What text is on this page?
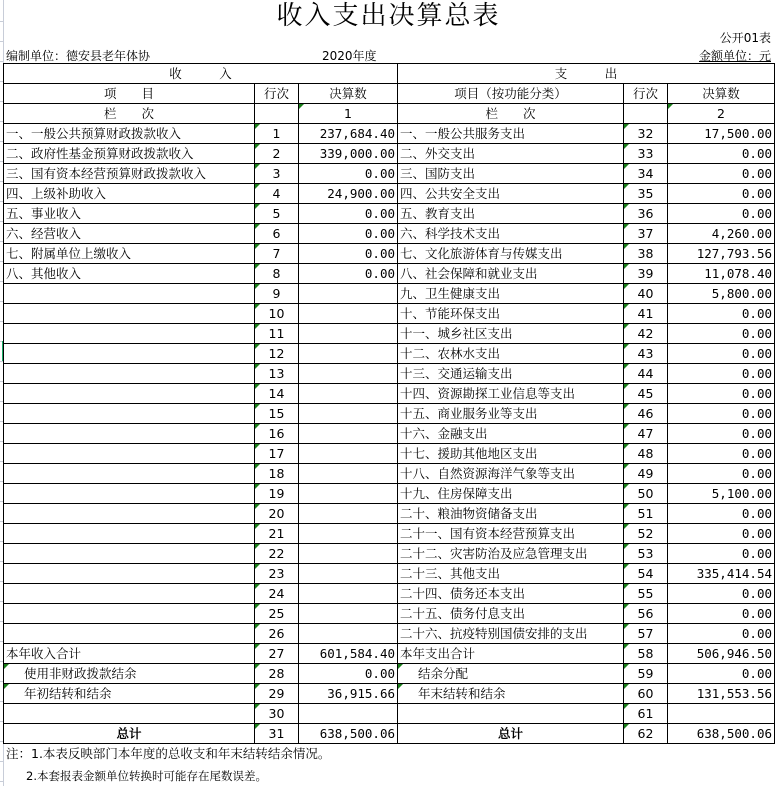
收入支出决算总表
公开01表
金额单位：元
编制单位：德安县老年体协	2020年度
收　　　入			支　　　出		
项　　目	行次	决算数	项目（按功能分类）	行次	决算数
栏　　次		1	栏　　次		2
一、一般公共预算财政拨款收入	1	237,684.40	一、一般公共服务支出	32	17,500.00
二、政府性基金预算财政拨款收入	2	339,000.00	二、外交支出	33	0.00
三、国有资本经营预算财政拨款收入	3	0.00	三、国防支出	34	0.00
四、上级补助收入	4	24,900.00	四、公共安全支出	35	0.00
五、事业收入	5	0.00	五、教育支出	36	0.00
六、经营收入	6	0.00	六、科学技术支出	37	4,260.00
七、附属单位上缴收入	7	0.00	七、文化旅游体育与传媒支出	38	127,793.56
八、其他收入	8	0.00	八、社会保障和就业支出	39	11,078.40
	9		九、卫生健康支出	40	5,800.00
	10		十、节能环保支出	41	0.00
	11		十一、城乡社区支出	42	0.00
	12		十二、农林水支出	43	0.00
	13		十三、交通运输支出	44	0.00
	14		十四、资源勘探工业信息等支出	45	0.00
	15		十五、商业服务业等支出	46	0.00
	16		十六、金融支出	47	0.00
	17		十七、援助其他地区支出	48	0.00
	18		十八、自然资源海洋气象等支出	49	0.00
	19		十九、住房保障支出	50	5,100.00
	20		二十、粮油物资储备支出	51	0.00
	21		二十一、国有资本经营预算支出	52	0.00
	22		二十二、灾害防治及应急管理支出	53	0.00
	23		二十三、其他支出	54	335,414.54
	24		二十四、债务还本支出	55	0.00
	25		二十五、债务付息支出	56	0.00
	26		二十六、抗疫特别国债安排的支出	57	0.00
本年收入合计	27	601,584.40	本年支出合计	58	506,946.50
使用非财政拨款结余	28	0.00	结余分配	59	0.00
年初结转和结余	29	36,915.66	年末结转和结余	60	131,553.56
	30			61	
总计	31	638,500.06	总计	62	638,500.06
注：1.本表反映部门本年度的总收支和年末结转结余情况。
2.本套报表金额单位转换时可能存在尾数误差。
